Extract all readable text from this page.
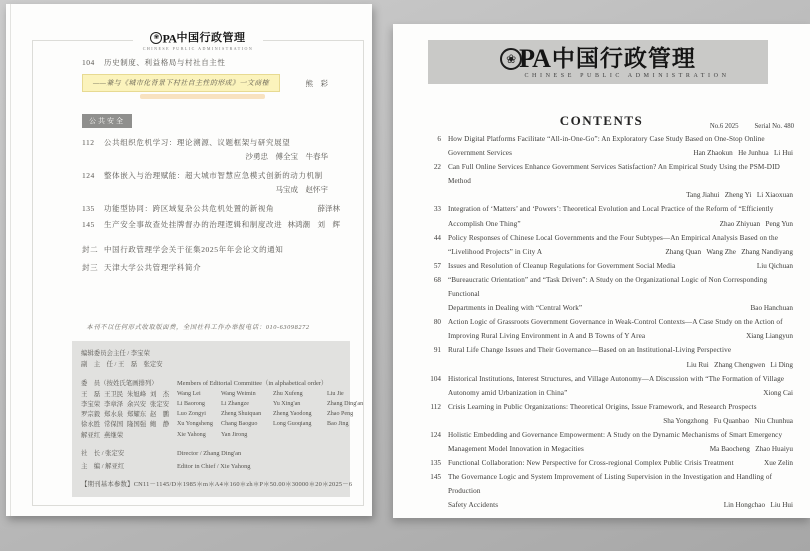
❀ PA中国行政管理
CHINESE PUBLIC ADMINISTRATION
104	历史制度、利益格局与村社自主性
——兼与《城市化背景下村社自主性的形成》一文商榷	熊　彩
公共安全
112	公共组织危机学习：理论溯源、议题框架与研究展望
沙勇忠　傅全宝　牛春华
124	整体嵌入与治理赋能：超大城市智慧应急模式创新的动力机制
马宝成　赵怀宇
135	功能型协同：跨区域复杂公共危机处置的新视角	薛泽林
145	生产安全事故查处挂牌督办的治理逻辑和制度改进 林鸿潮　刘　辉
封二 中国行政管理学会关于征集2025年年会论文的通知
封三 天津大学公共管理学科简介
本刊不以任何形式收取版面费，全国社科工作办举报电话：010-63098272
编辑委员会主任 / 李宝荣
副　主　任 / 王　磊　张定安
委　员（按姓氏笔画排列）	Members of Editorial Committee（in alphabetical order）
王　磊 王卫民 朱旭峰 刘　杰	Wang Lei	Wang Weimin	Zhu Xufeng	Liu Jie
李宝荣 李章泽 余兴安 张定安	Li Baorong	Li Zhangze	Yu Xing'an	Zhang Ding'an
罗宗毅 郑水泉 郑耀东 赵　鹏	Luo Zongyi	Zheng Shuiquan	Zheng Yaodong	Zhao Peng
徐永胜 常保国 隆国强 鲍　静	Xu Yongsheng	Chang Baoguo	Long Guoqiang	Bao Jing
解亚红 燕继荣	Xie Yahong	Yan Jirong
社　长 / 张定安	Director / Zhang Ding'an
主　编 / 解亚红	Editor in Chief / Xie Yahong
【期刊基本参数】CN11－1145/D＊1985＊m＊A4＊160＊zh＊P＊50.00＊30000＊20＊2025－6
❀ PA 中国行政管理
CHINESE PUBLIC ADMINISTRATION
CONTENTS	No.6 2025 Serial No. 480

6 How Digital Platforms Facilitate “All-in-One-Go”: An Exploratory Case Study Based on One-Stop Online
Government Services	Han Zhaokun   He Junhua   Li Hui
22 Can Full Online Services Enhance Government Services Satisfaction? An Empirical Study Using the PSM-DID Method
Tang Jiahui   Zheng Yi   Li Xiaoxuan
33 Integration of ‘Matters’ and ‘Powers’: Theoretical Evolution and Local Practice of the Reform of “Efficiently
Accomplish One Thing”	Zhao Zhiyuan   Peng Yun
44 Policy Responses of Chinese Local Governments and the Four Subtypes—An Empirical Analysis Based on the
“Livelihood Projects” in City A	Zhang Quan   Wang Zhe   Zhang Nandiyang
57 Issues and Resolution of Cleanup Regulations for Government Social Media	Liu Qichuan
68 “Bureaucratic Orientation” and “Task Driven”: A Study on the Organizational Logic of Non Corresponding Functional
Departments in Dealing with “Central Work”	Bao Hanchuan
80 Action Logic of Grassroots Government Governance in Weak-Control Contexts—A Case Study on the Action of
Improving Rural Living Environment in A and B Towns of Y Area	Xiang Liangyun
91 Rural Life Change Issues and Their Governance—Based on an Institutional-Living Perspective
Liu Rui   Zhang Chengwen   Li Ding
104 Historical Institutions, Interest Structures, and Village Autonomy—A Discussion with “The Formation of Village
Autonomy amid Urbanization in China”	Xiong Cai
112 Crisis Learning in Public Organizations: Theoretical Origins, Issue Framework, and Research Prospects
Sha Yongzhong   Fu Quanbao   Niu Chunhua
124 Holistic Embedding and Governance Empowerment: A Study on the Dynamic Mechanisms of Smart Emergency
Management Model Innovation in Megacities	Ma Baocheng   Zhao Huaiyu
135 Functional Collaboration: New Perspective for Cross-regional Complex Public Crisis Treatment	Xue Zelin
145 The Governance Logic and System Improvement of Listing Supervision in the Investigation and Handling of Production
Safety Accidents	Lin Hongchao   Liu Hui
